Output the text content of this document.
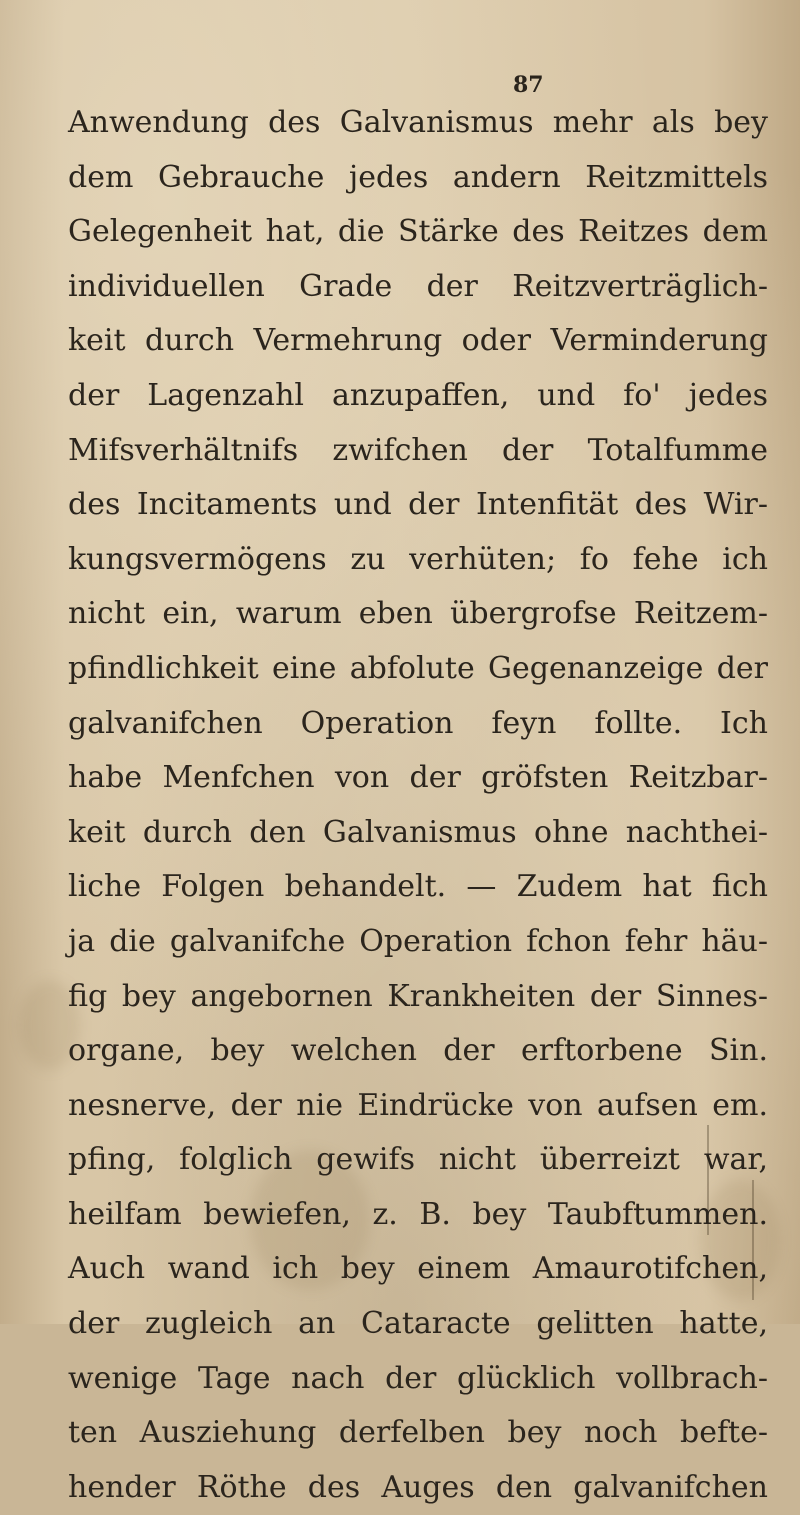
87
Anwendung des Galvanismus mehr als bey
dem Gebrauche jedes andern Reitzmittels
Gelegenheit hat, die Stärke des Reitzes dem
individuellen Grade der Reitzverträglich-
keit durch Vermehrung oder Verminderung
der Lagenzahl anzupaffen, und fo' jedes
Mifsverhältnifs zwifchen der Totalfumme
des Incitaments und der Intenfität des Wir-
kungsvermögens zu verhüten; fo fehe ich
nicht ein, warum eben übergrofse Reitzem-
pfindlichkeit eine abfolute Gegenanzeige der
galvanifchen Operation feyn follte. Ich
habe Menfchen von der gröfsten Reitzbar-
keit durch den Galvanismus ohne nachthei-
liche Folgen behandelt. — Zudem hat fich
ja die galvanifche Operation fchon fehr häu-
fig bey angebornen Krankheiten der Sinnes-
organe, bey welchen der erftorbene Sin.
nesnerve, der nie Eindrücke von aufsen em.
pfing, folglich gewifs nicht überreizt war,
heilfam bewiefen, z. B. bey Taubftummen.
Auch wand ich bey einem Amaurotifchen,
der zugleich an Cataracte gelitten hatte,
wenige Tage nach der glücklich vollbrach-
ten Ausziehung derfelben bey noch befte-
hender Röthe des Auges den galvanifchen
